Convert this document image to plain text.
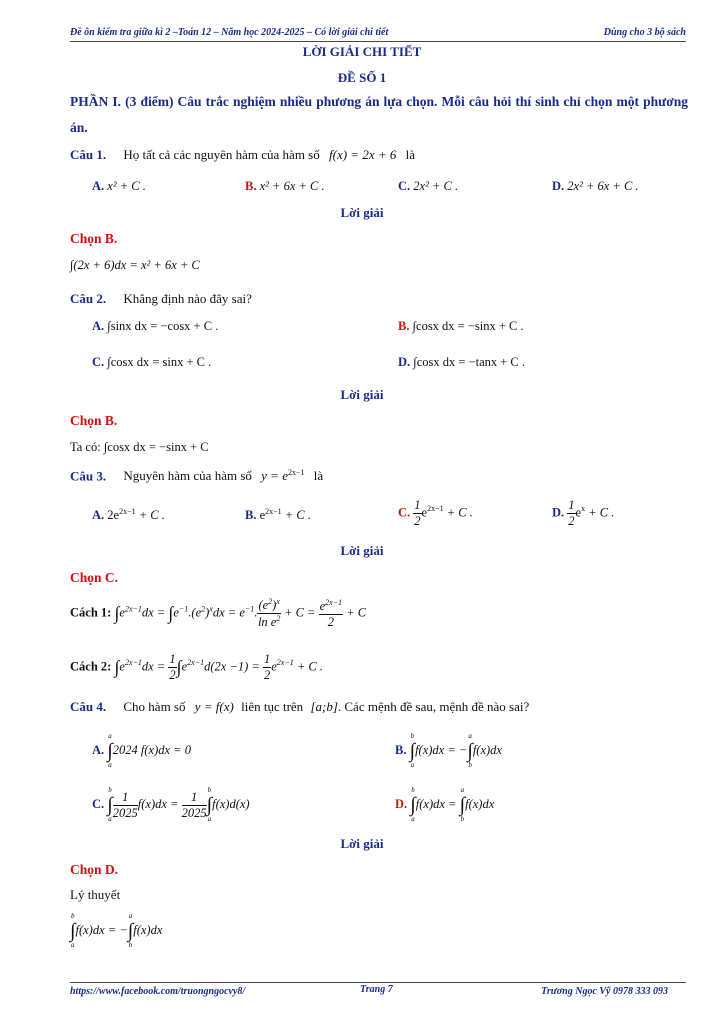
Đề ôn kiểm tra giữa kì 2 –Toán 12 – Năm học 2024-2025 – Có lời giải chi tiết	Dùng cho 3 bộ sách
LỜI GIẢI CHI TIẾT
ĐỀ SỐ 1
PHẦN I. (3 điểm) Câu trắc nghiệm nhiều phương án lựa chọn. Mỗi câu hỏi thí sinh chỉ chọn một phương án.
Câu 1. Họ tất cả các nguyên hàm của hàm số f(x) = 2x + 6 là
A. x² + C .	B. x² + 6x + C .	C. 2x² + C .	D. 2x² + 6x + C .
Lời giải
Chọn B.
∫(2x + 6)dx = x² + 6x + C
Câu 2. Khẳng định nào đây sai?
A. ∫sinx dx = −cosx + C .	B. ∫cosx dx = −sinx + C .
C. ∫cosx dx = sinx + C .	D. ∫cosx dx = −tanx + C .
Lời giải
Chọn B.
Ta có: ∫cosx dx = −sinx + C
Câu 3. Nguyên hàm của hàm số $y = e^{2x-1}$ là
A. $2e^{2x-1} + C$ .	B. $e^{2x-1} + C$ .	C. $\frac{1}{2} e^{2x-1} + C$ .	D. $\frac{1}{2} e^x + C$ .
Lời giải
Chọn C.
Cách 1: $\int e^{2x-1}dx = \int e^{-1}.(e^2)^xdx = e^{-1}$. $\frac{(e^2)^x}{\ln e^2} + C = \frac{e^{2x-1}}{2} + C$
Cách 2: $\int e^{2x-1}dx = \frac{1}{2} \int e^{2x-1}d(2x -1) = \frac{1}{2} e^{2x-1} + C$ .
Câu 4. Cho hàm số y = f(x) liên tục trên [a;b]. Các mệnh đề sau, mệnh đề nào sai?
A. a
∫
a2024 f(x)dx = 0	B. b
∫
af(x)dx = −a
∫
bf(x)dx
C. b
∫
a $\frac{1}{2025} f(x)dx = \frac{1}{2025}$ b
∫
af(x)d(x)	D. b
∫
af(x)dx = a
∫
bf(x)dx
Lời giải
Chọn D.
Lý thuyết
b
∫
af(x)dx = −a
∫
bf(x)dx
https://www.facebook.com/truongngocvy8/	Trang 7	Trương Ngọc Vỹ 0978 333 093
